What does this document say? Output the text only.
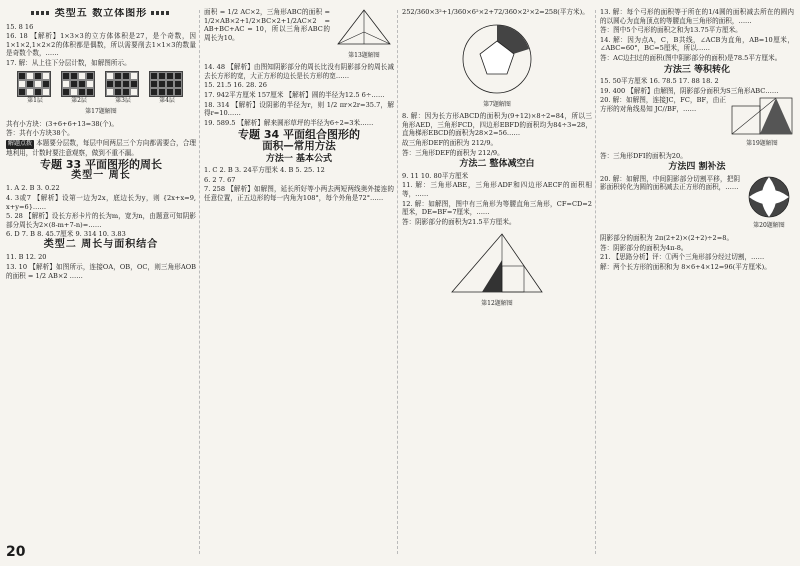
类型五 数立体图形

15. 8 16

16. 18 【解析】1×3×3的立方体体积是27，是个奇数，因1×1×2,1×2×2的体积都是偶数，所以需要削去1×1×3的数量是奇数个数，……

17. 解：从上往下分层计数，如解图所示。

第1层	第2层	第3层	第4层
第17题解图

共有小方块：(3+6+6+13=38(个)。

答：共有小方块38个。

解题点拨 本题要分层数，每层中间两层三个方向都需要合，合理地利用，计数时要注意观察，做到不重不漏。

专题 33 平面图形的周长
类型一 周长

1. A 2. B 3. 0.22

4. 3或7 【解析】设第一边为2x，底边长为y，则 {2x+x=9, x+y=6}……

5. 28 【解析】设长方形卡片的长为m，宽为n，由题意可知阴影部分周长为2×(8-m+7-n)=……

6. D 7. B 8. 45.7厘米 9. 314 10. 3.83

类型二 周长与面积结合

11. B 12. 20

13. 10 【解析】如图所示，连接OA，OB，OC，则三角形AOB的面积 = 1/2 AB×2 ……

面积 = 1/2 AC×2，三角形ABC的面积 = 1/2×AB×2+1/2×BC×2+1/2AC×2 = AB+BC+AC = 10，所以三角形ABC的周长为10。

第13题解图

14. 48 【解析】由图知阴影部分的周长比没有阴影部分的周长减去长方形的宽，大正方形的边长是长方形的宽……

15. 21.5 16. 28. 26

17. 942平方厘米 157厘米 【解析】圆的半径为12.5 6÷……

18. 314 【解析】设阴影的半径为r，则 1/2 πr×2r=35.7，解得r=10……

19. 589.5 【解析】解来圆形草坪的半径为6÷2=3米……

专题 34 平面组合图形的
面积—常用方法
方法一 基本公式

1. C 2. B 3. 24平方厘米 4. B 5. 25. 12

6. 2 7. 67

7. 258 【解析】如解图，延长所好等小两去两短两线奥外接连的任意位置，正五边形的每一内角为108°，每个外角是72°……

252/360×3²+1/360×6²×2+72/360×2²×2=258(平方米)。

第7题解图

8. 解：因为长方形ABCD的面积为(9+12)×8÷2=84，所以三角形AED，三角形FCD，四边形EBFD的面积均为84÷3=28，直角梯形EBCD的面积为28×2=56……

故三角形DEF的面积为 212/9。

答：三角形DEF的面积为 212/9。

方法二 整体减空白

9. 11 10. 80平方厘米

11. 解：三角形ABE，三角形ADF和四边形AECF的面积相等，……

12. 解：如解图，图中有三角形为等腰直角三角形，CF=CD=2厘米，DE=BF=7厘米，……

答：阴影部分的面积为21.5平方厘米。

第12题解图

13. 解：每个弓形的面积等于所在的1/4圆的面积减去所在的圆内的以圆心为直角顶点的等腰直角三角形的面积，……

答：图中5个弓形的面积之和为13.75平方厘米。

14. 解：因为点A，C，B共线，∠ACB为直角，AB=10厘米，∠ABC=60°，BC=5厘米，所以……

答：AC边扫过的面积(图中阴影部分的面积)是78.5平方厘米。

方法三 等积转化

15. 50平方厘米 16. 78.5 17. 88 18. 2

19. 400 【解析】由解图，阴影部分面积为S三角形ABC……

20. 解：如解图，连接JC，FC，BF，由正方形的对角线易知 JC//BF，……

第19题解图

答：三角形DFI的面积为20。

方法四 割补法

20. 解：如解图，中间阴影部分切割平移，把阴影面积转化为圆的面积减去正方形的面积，……

第20题解图

阴影部分的面积为 2π(2+2)×(2+2)÷2=8。

答：阴影部分的面积为4π-8。

21. 【思路分析】评：①两个三角形部分经过切割，……

解：两个长方形的面积和为 8×6+4×12=96(平方厘米)。

20
